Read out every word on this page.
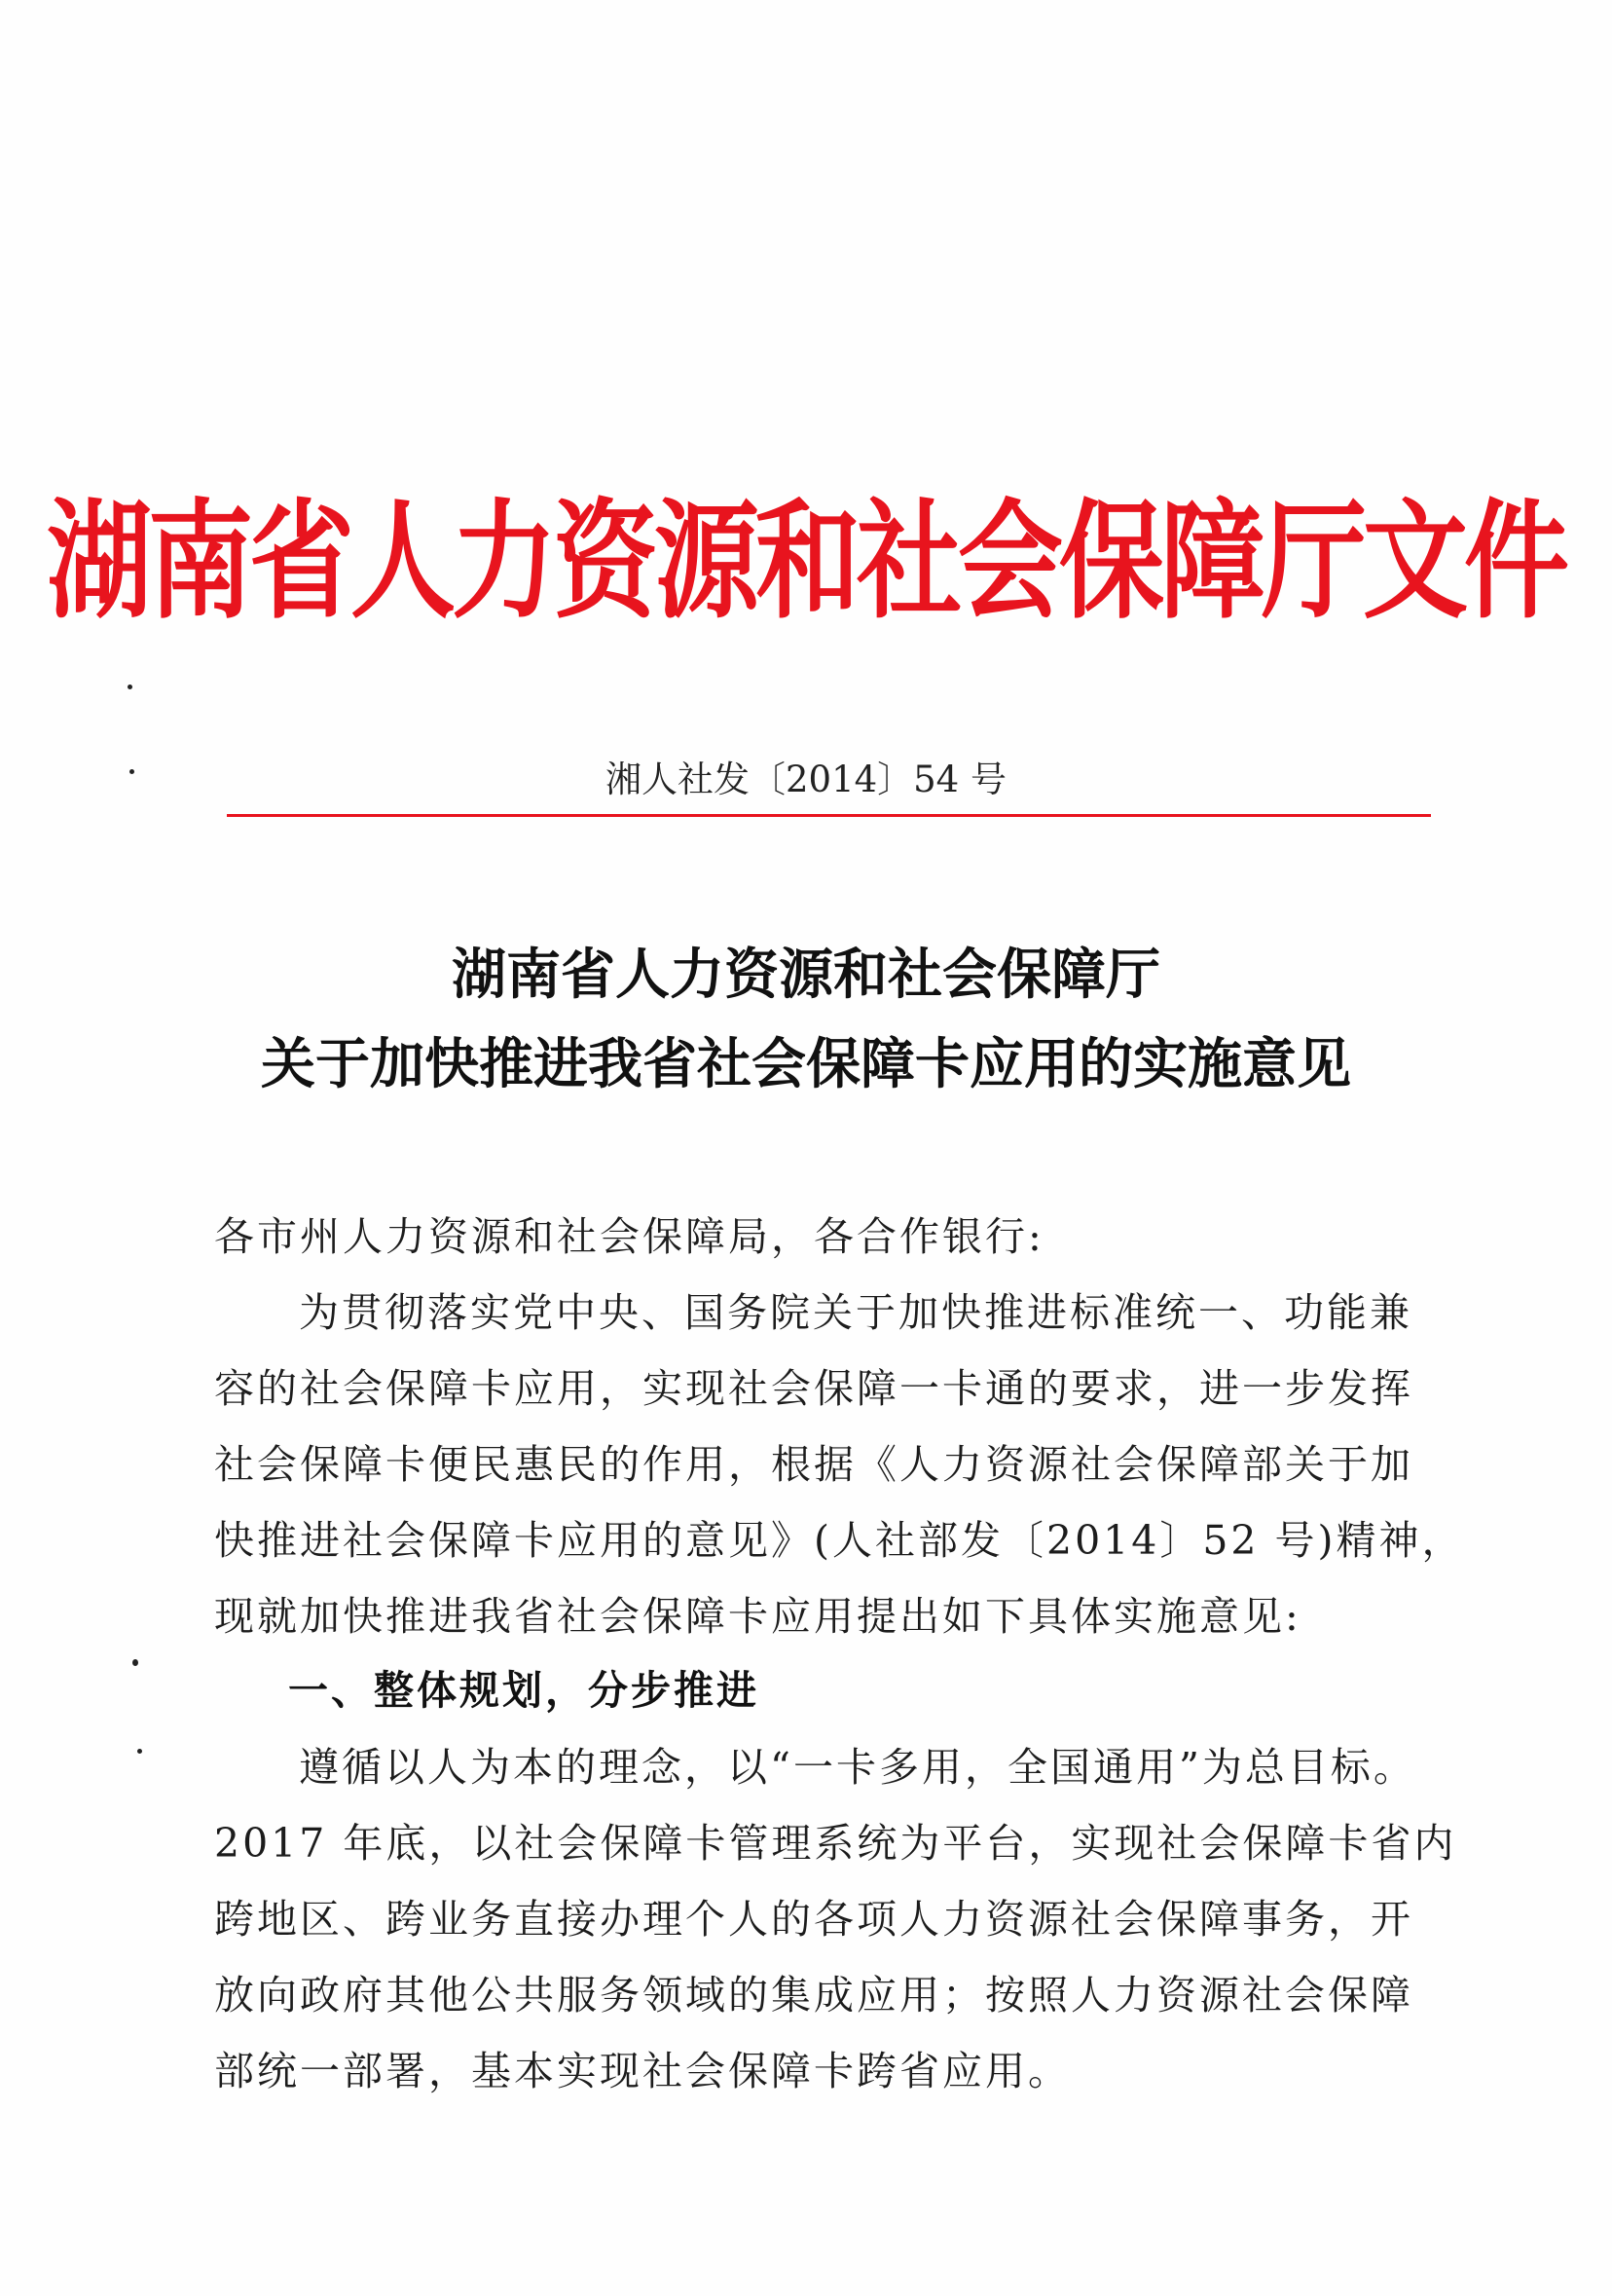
湖南省人力资源和社会保障厅文件
湘人社发〔2014〕54 号
湖南省人力资源和社会保障厅
关于加快推进我省社会保障卡应用的实施意见
各市州人力资源和社会保障局，各合作银行:
为贯彻落实党中央、国务院关于加快推进标准统一、功能兼
容的社会保障卡应用，实现社会保障一卡通的要求，进一步发挥
社会保障卡便民惠民的作用，根据《人力资源社会保障部关于加
快推进社会保障卡应用的意见》(人社部发〔2014〕52 号)精神，
现就加快推进我省社会保障卡应用提出如下具体实施意见:
一、整体规划，分步推进
遵循以人为本的理念，以“一卡多用，全国通用”为总目标。
2017 年底，以社会保障卡管理系统为平台，实现社会保障卡省内
跨地区、跨业务直接办理个人的各项人力资源社会保障事务，开
放向政府其他公共服务领域的集成应用；按照人力资源社会保障
部统一部署，基本实现社会保障卡跨省应用。
